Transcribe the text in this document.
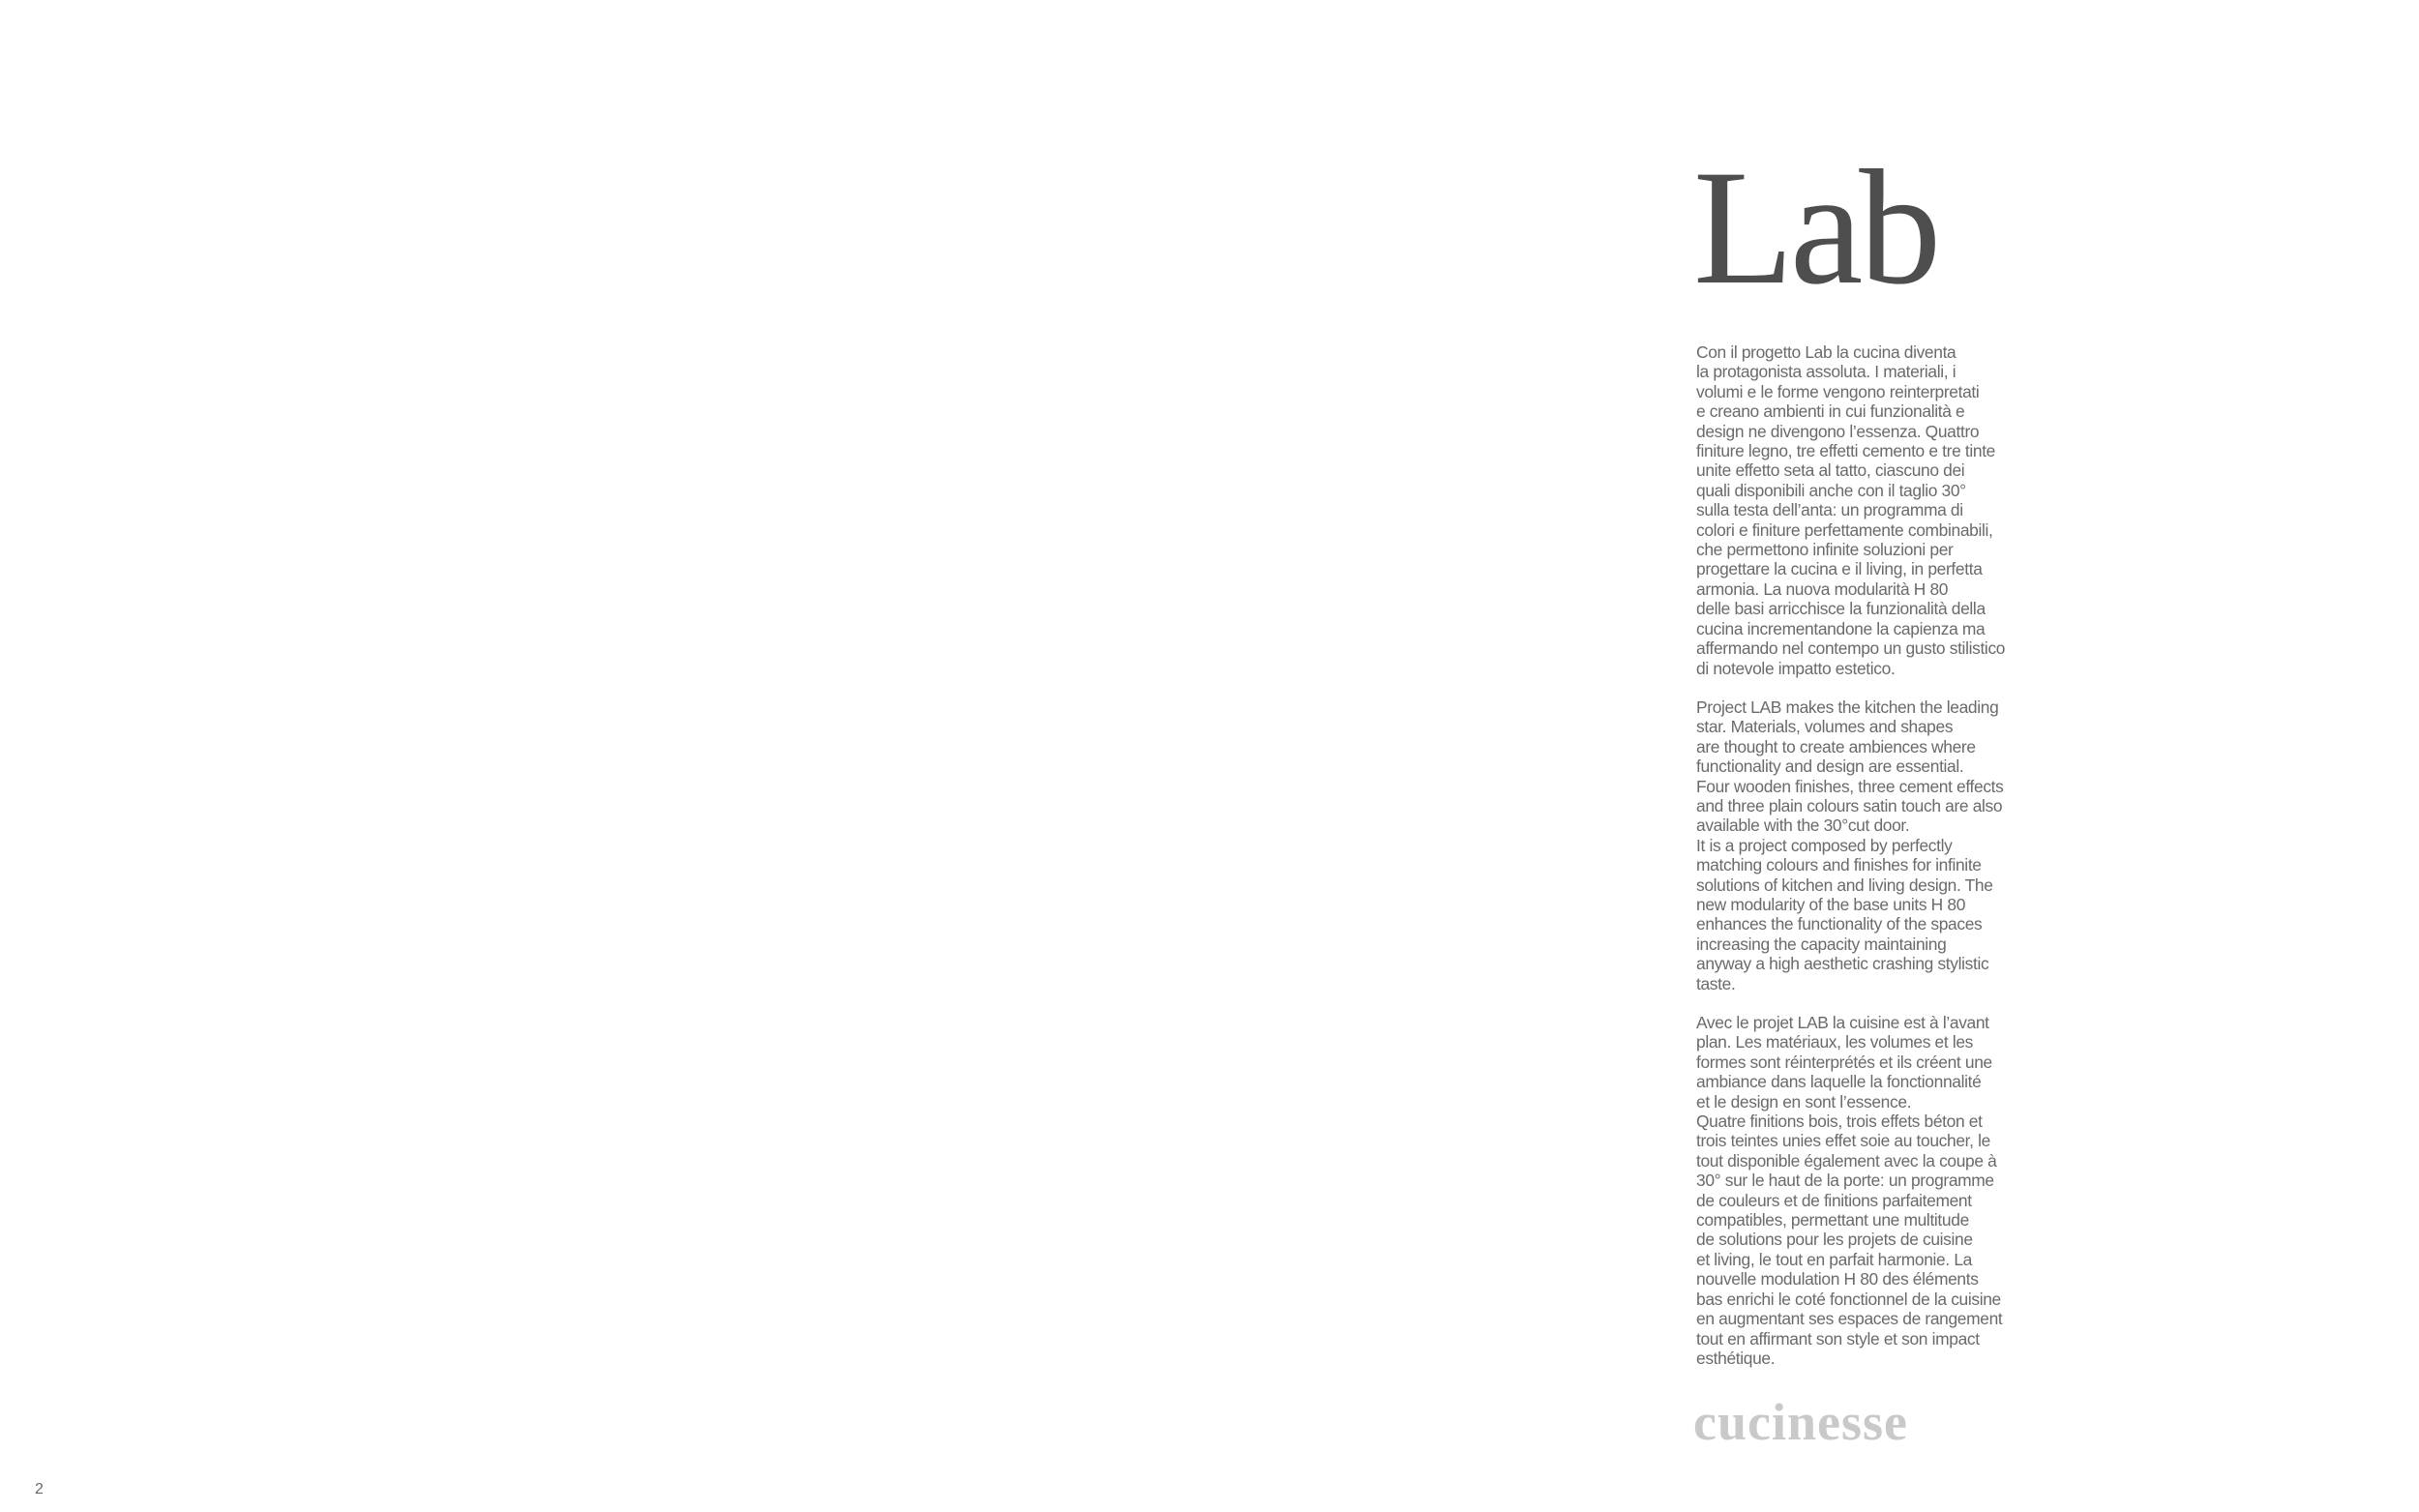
Lab

Con il progetto Lab la cucina diventa
la protagonista assoluta. I materiali, i
volumi e le forme vengono reinterpretati
e creano ambienti in cui funzionalità e
design ne divengono l’essenza. Quattro
finiture legno, tre effetti cemento e tre tinte
unite effetto seta al tatto, ciascuno dei
quali disponibili anche con il taglio 30°
sulla testa dell’anta: un programma di
colori e finiture perfettamente combinabili,
che permettono infinite soluzioni per
progettare la cucina e il living, in perfetta
armonia. La nuova modularità H 80
delle basi arricchisce la funzionalità della
cucina incrementandone la capienza ma
affermando nel contempo un gusto stilistico
di notevole impatto estetico.

Project LAB makes the kitchen the leading
star. Materials, volumes and shapes
are thought to create ambiences where
functionality and design are essential.
Four wooden finishes, three cement effects
and three plain colours satin touch are also
available with the 30°cut door.
It is a project composed by perfectly
matching colours and finishes for infinite
solutions of kitchen and living design. The
new modularity of the base units H 80
enhances the functionality of the spaces
increasing the capacity maintaining
anyway a high aesthetic crashing stylistic
taste.

Avec le projet LAB la cuisine est à l’avant
plan. Les matériaux, les volumes et les
formes sont réinterprétés et ils créent une
ambiance dans laquelle la fonctionnalité
et le design en sont l’essence.
Quatre finitions bois, trois effets béton et
trois teintes unies effet soie au toucher, le
tout disponible également avec la coupe à
30° sur le haut de la porte: un programme
de couleurs et de finitions parfaitement
compatibles, permettant une multitude
de solutions pour les projets de cuisine
et living, le tout en parfait harmonie. La
nouvelle modulation H 80 des éléments
bas enrichi le coté fonctionnel de la cuisine
en augmentant ses espaces de rangement
tout en affirmant son style et son impact
esthétique.

cucinesse
2
